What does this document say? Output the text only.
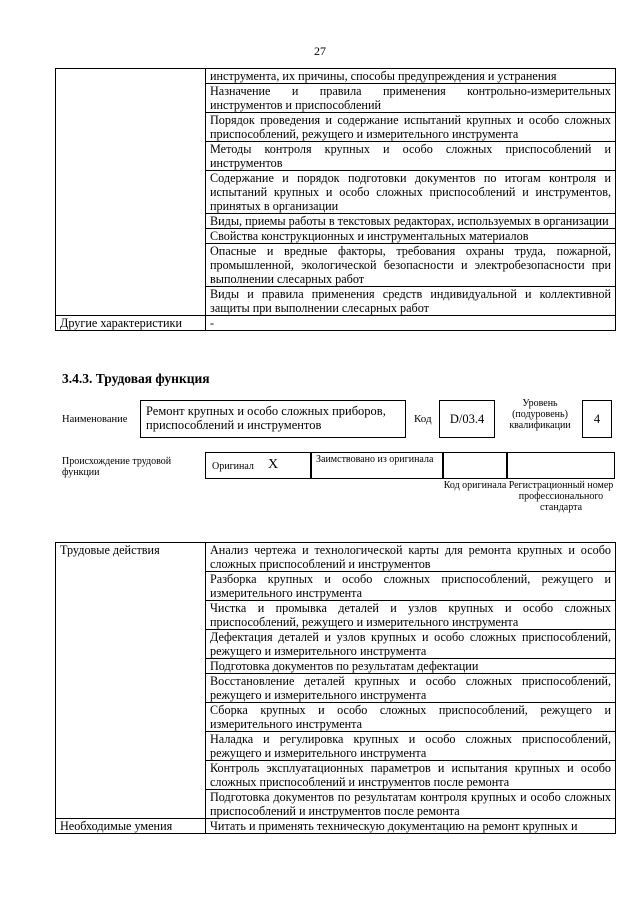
27
	инструмента, их причины, способы предупреждения и устранения
	Назначение и правила применения контрольно-измерительных инструментов и приспособлений
	Порядок проведения и содержание испытаний крупных и особо сложных приспособлений, режущего и измерительного инструмента
	Методы контроля крупных и особо сложных приспособлений и инструментов
	Содержание и порядок подготовки документов по итогам контроля и испытаний крупных и особо сложных приспособлений и инструментов, принятых в организации
	Виды, приемы работы в текстовых редакторах, используемых в организации
	Свойства конструкционных и инструментальных материалов
	Опасные и вредные факторы, требования охраны труда, пожарной, промышленной, экологической безопасности и электробезопасности при выполнении слесарных работ
	Виды и правила применения средств индивидуальной и коллективной защиты при выполнении слесарных работ
Другие характеристики	-
3.4.3. Трудовая функция
Наименование
Ремонт крупных и особо сложных приборов, приспособлений и инструментов	Код	D/03.4
Уровень (подуровень) квалификации	4
Происхождение трудовой функции
Оригинал X	Заимствовано из оригинала
Код оригинала Регистрационный номер профессионального стандарта
Трудовые действия	Анализ чертежа и технологической карты для ремонта крупных и особо сложных приспособлений и инструментов
	Разборка крупных и особо сложных приспособлений, режущего и измерительного инструмента
	Чистка и промывка деталей и узлов крупных и особо сложных приспособлений, режущего и измерительного инструмента
	Дефектация деталей и узлов крупных и особо сложных приспособлений, режущего и измерительного инструмента
	Подготовка документов по результатам дефектации
	Восстановление деталей крупных и особо сложных приспособлений, режущего и измерительного инструмента
	Сборка крупных и особо сложных приспособлений, режущего и измерительного инструмента
	Наладка и регулировка крупных и особо сложных приспособлений, режущего и измерительного инструмента
	Контроль эксплуатационных параметров и испытания крупных и особо сложных приспособлений и инструментов после ремонта
	Подготовка документов по результатам контроля крупных и особо сложных приспособлений и инструментов после ремонта
Необходимые умения	Читать и применять техническую документацию на ремонт крупных и
